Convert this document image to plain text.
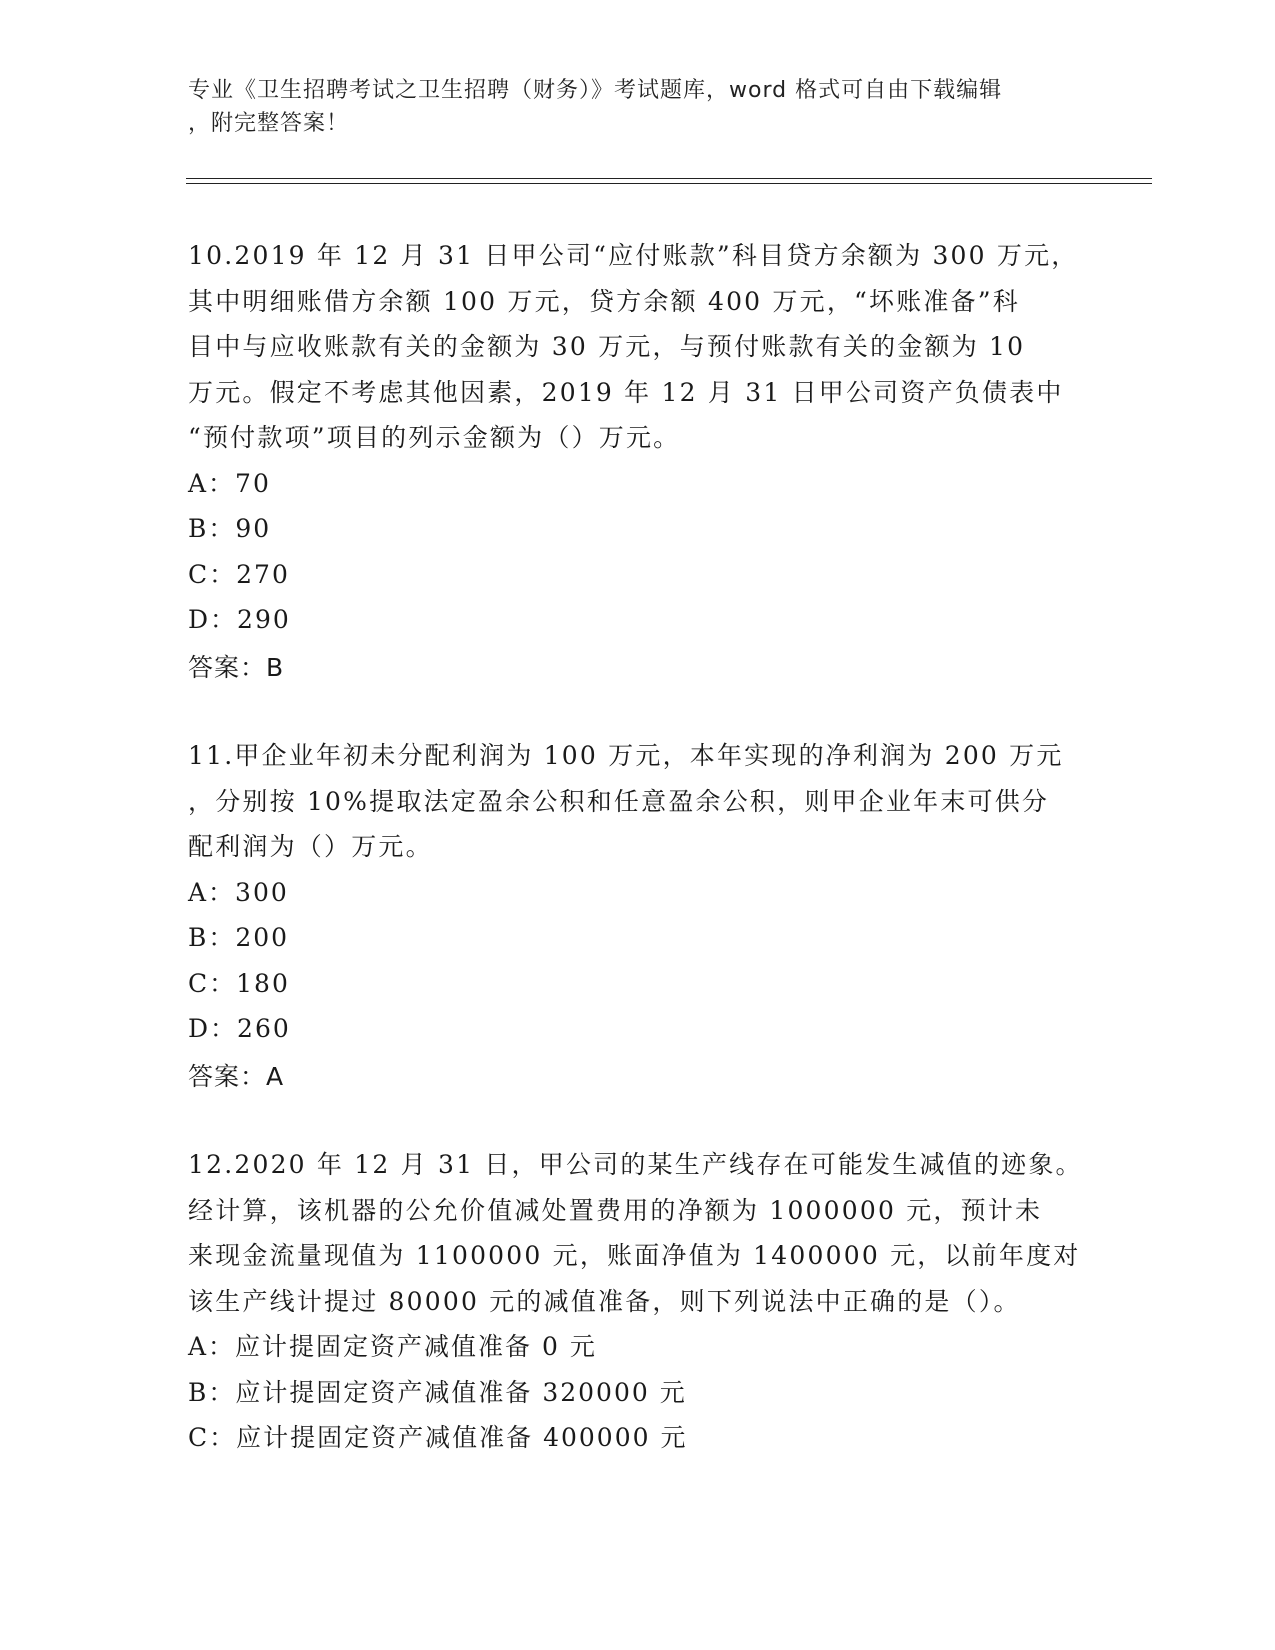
专业《卫生招聘考试之卫生招聘（财务）》考试题库，word 格式可自由下载编辑
，附完整答案！
10.2019 年 12 月 31 日甲公司“应付账款”科目贷方余额为 300 万元，
其中明细账借方余额 100 万元，贷方余额 400 万元，“坏账准备”科
目中与应收账款有关的金额为 30 万元，与预付账款有关的金额为 10
万元。假定不考虑其他因素，2019 年 12 月 31 日甲公司资产负债表中
“预付款项”项目的列示金额为（）万元。
A：70
B：90
C：270
D：290
答案：B
11.甲企业年初未分配利润为 100 万元，本年实现的净利润为 200 万元
，分别按 10%提取法定盈余公积和任意盈余公积，则甲企业年末可供分
配利润为（）万元。
A：300
B：200
C：180
D：260
答案：A
12.2020 年 12 月 31 日，甲公司的某生产线存在可能发生减值的迹象。
经计算，该机器的公允价值减处置费用的净额为 1000000 元，预计未
来现金流量现值为 1100000 元，账面净值为 1400000 元，以前年度对
该生产线计提过 80000 元的减值准备，则下列说法中正确的是（）。
A：应计提固定资产减值准备 0 元
B：应计提固定资产减值准备 320000 元
C：应计提固定资产减值准备 400000 元
